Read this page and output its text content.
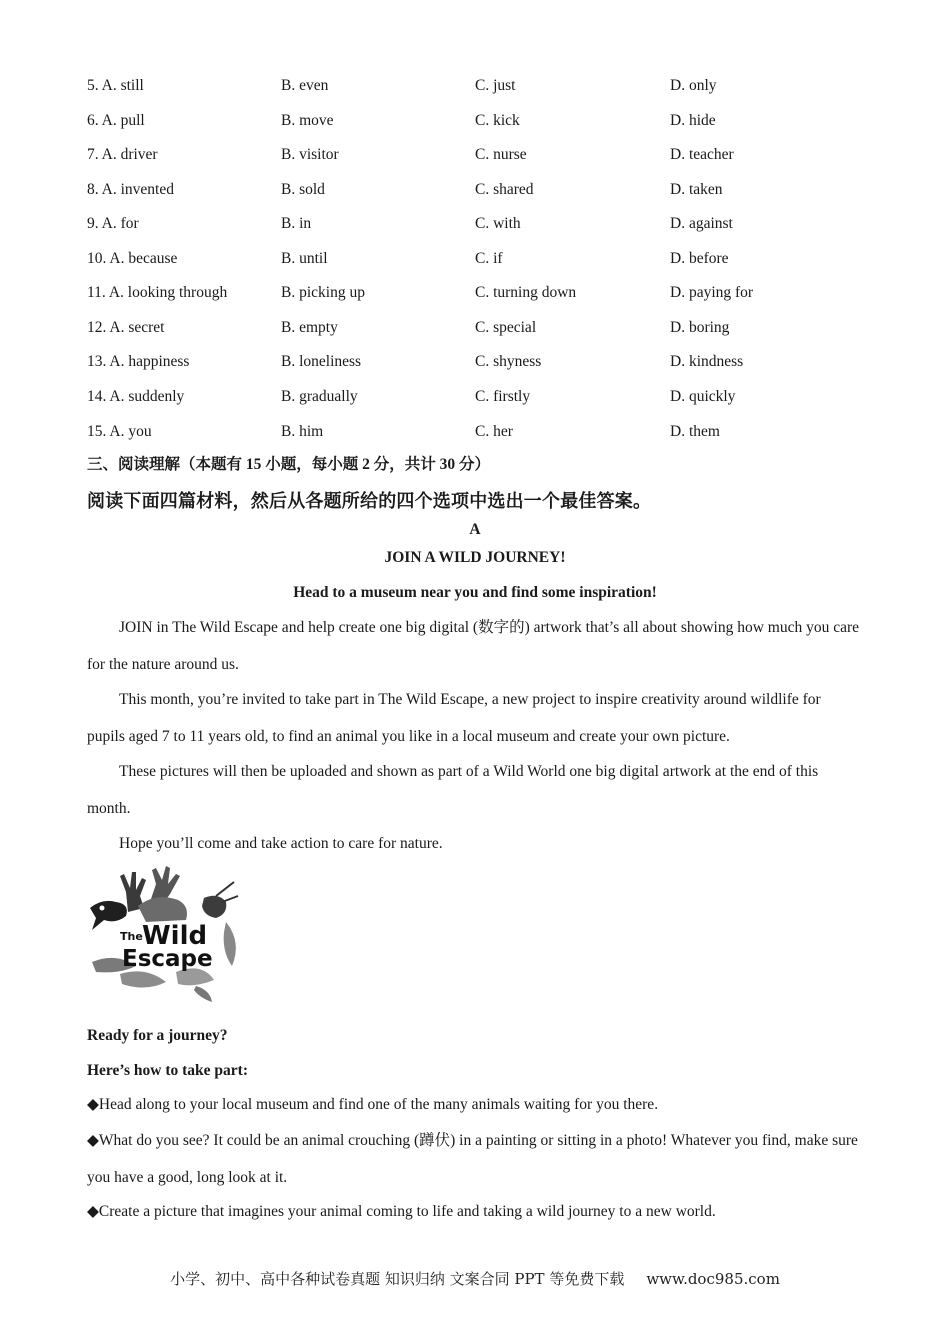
5. A. still	B. even	C. just	D. only
6. A. pull	B. move	C. kick	D. hide
7. A. driver	B. visitor	C. nurse	D. teacher
8. A. invented	B. sold	C. shared	D. taken
9. A. for	B. in	C. with	D. against
10. A. because	B. until	C. if	D. before
11. A. looking through	B. picking up	C. turning down	D. paying for
12. A. secret	B. empty	C. special	D. boring
13. A. happiness	B. loneliness	C. shyness	D. kindness
14. A. suddenly	B. gradually	C. firstly	D. quickly
15. A. you	B. him	C. her	D. them
三、阅读理解（本题有 15 小题，每小题 2 分，共计 30 分）
阅读下面四篇材料，然后从各题所给的四个选项中选出一个最佳答案。
A
JOIN A WILD JOURNEY!
Head to a museum near you and find some inspiration!
JOIN in The Wild Escape and help create one big digital (数字的) artwork that’s all about showing how much you care for the nature around us.
This month, you’re invited to take part in The Wild Escape, a new project to inspire creativity around wildlife for pupils aged 7 to 11 years old, to find an animal you like in a local museum and create your own picture.
These pictures will then be uploaded and shown as part of a Wild World one big digital artwork at the end of this month.
Hope you’ll come and take action to care for nature.
The Wild
Escape
Ready for a journey?
Here’s how to take part:
◆Head along to your local museum and find one of the many animals waiting for you there.
◆What do you see? It could be an animal crouching (蹲伏) in a painting or sitting in a photo! Whatever you find, make sure you have a good, long look at it.
◆Create a picture that imagines your animal coming to life and taking a wild journey to a new world.
小学、初中、高中各种试卷真题 知识归纳 文案合同 PPT 等免费下载 www.doc985.com
